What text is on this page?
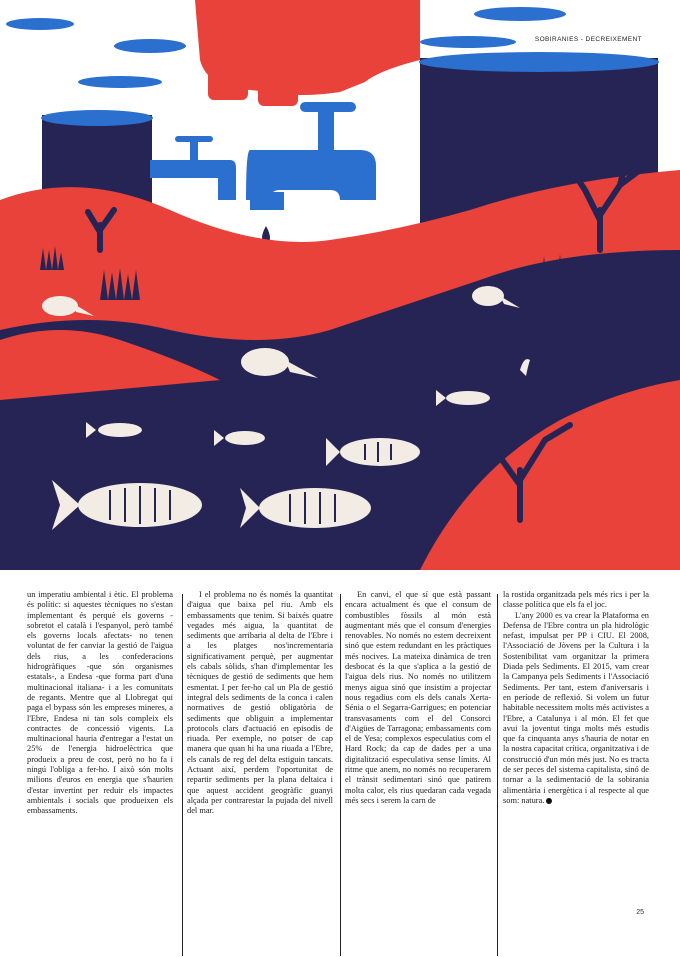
SOBIRANIES - DECREIXEMENT

un imperatiu ambiental i ètic. El problema és polític: si aquestes tècniques no s'estan implementant és perquè els governs -sobretot el català i l'espanyol, però també els governs locals afectats- no tenen voluntat de fer canviar la gestió de l'aigua dels rius, a les confederacions hidrogràfiques -que són organismes estatals-, a Endesa -que forma part d'una multinacional italiana- i a les comunitats de regants. Mentre que al Llobregat qui paga el bypass són les empreses mineres, a l'Ebre, Endesa ni tan sols compleix els contractes de concessió vigents. La multinacional hauria d'entregar a l'estat un 25% de l'energia hidroelèctrica que produeix a preu de cost, però no ho fa i ningú l'obliga a fer-ho. I això són molts milions d'euros en energia que s'haurien d'estar invertint per reduir els impactes ambientals i socials que produeixen els embassaments.

I el problema no és només la quantitat d'aigua que baixa pel riu. Amb els embassaments que tenim. Si baixés quatre vegades més aigua, la quantitat de sediments que arribaria al delta de l'Ebre i a les platges nos'incrementaria significativament perquè, per augmentar els cabals sòlids, s'han d'implementar les tècniques de gestió de sediments que hem esmentat. I per fer-ho cal un Pla de gestió integral dels sediments de la conca i calen normatives de gestió obligatòria de sediments que obliguin a implementar protocols clars d'actuació en episodis de riuada. Per exemple, no potser de cap manera que quan hi ha una riuada a l'Ebre, els canals de reg del delta estiguin tancats. Actuant així, perdem l'oportunitat de repartir sediments per la plana deltaica i que aquest accident geogràfic guanyi alçada per contrarestar la pujada del nivell del mar.

En canvi, el que sí que està passant encara actualment és que el consum de combustibles fòssils al món està augmentant més que el consum d'energies renovables. No només no estem decreixent sinó que estem redundant en les pràctiques més nocives. La mateixa dinàmica de tren desbocat és la que s'aplica a la gestió de l'aigua dels rius. No només no utilitzem menys aigua sinó que insistim a projectar nous regadius com els dels canals Xerta-Sénia o el Segarra-Garrigues; en potenciar transvasaments com el del Consorci d'Aigües de Tarragona; embassaments com el de Yesa; complexos especulatius com el Hard Rock; da cap de dades per a una digitalització especulativa sense límits. Al ritme que anem, no només no recuperarem el trànsit sedimentari sinó que patirem molta calor, els rius quedaran cada vegada més secs i serem la carn de

la rostida organitzada pels més rics i per la classe política que els fa el joc.

L'any 2000 es va crear la Plataforma en Defensa de l'Ebre contra un pla hidrològic nefast, impulsat per PP i CIU. El 2008, l'Associació de Jòvens per la Cultura i la Sostenibilitat vam organitzar la primera Diada pels Sediments. El 2015, vam crear la Campanya pels Sediments i l'Associació Sediments. Per tant, estem d'aniversaris i en període de reflexió. Si volem un futur habitable necessitem molts més activistes a l'Ebre, a Catalunya i al món. El fet que avui la joventut tinga molts més estudis que fa cinquanta anys s'hauria de notar en la nostra capacitat crítica, organitzativa i de construcció d'un món més just. No es tracta de ser peces del sistema capitalista, sinó de tornar a la sedimentació de la sobirania alimentària i energètica i al respecte al que som: natura.

25
